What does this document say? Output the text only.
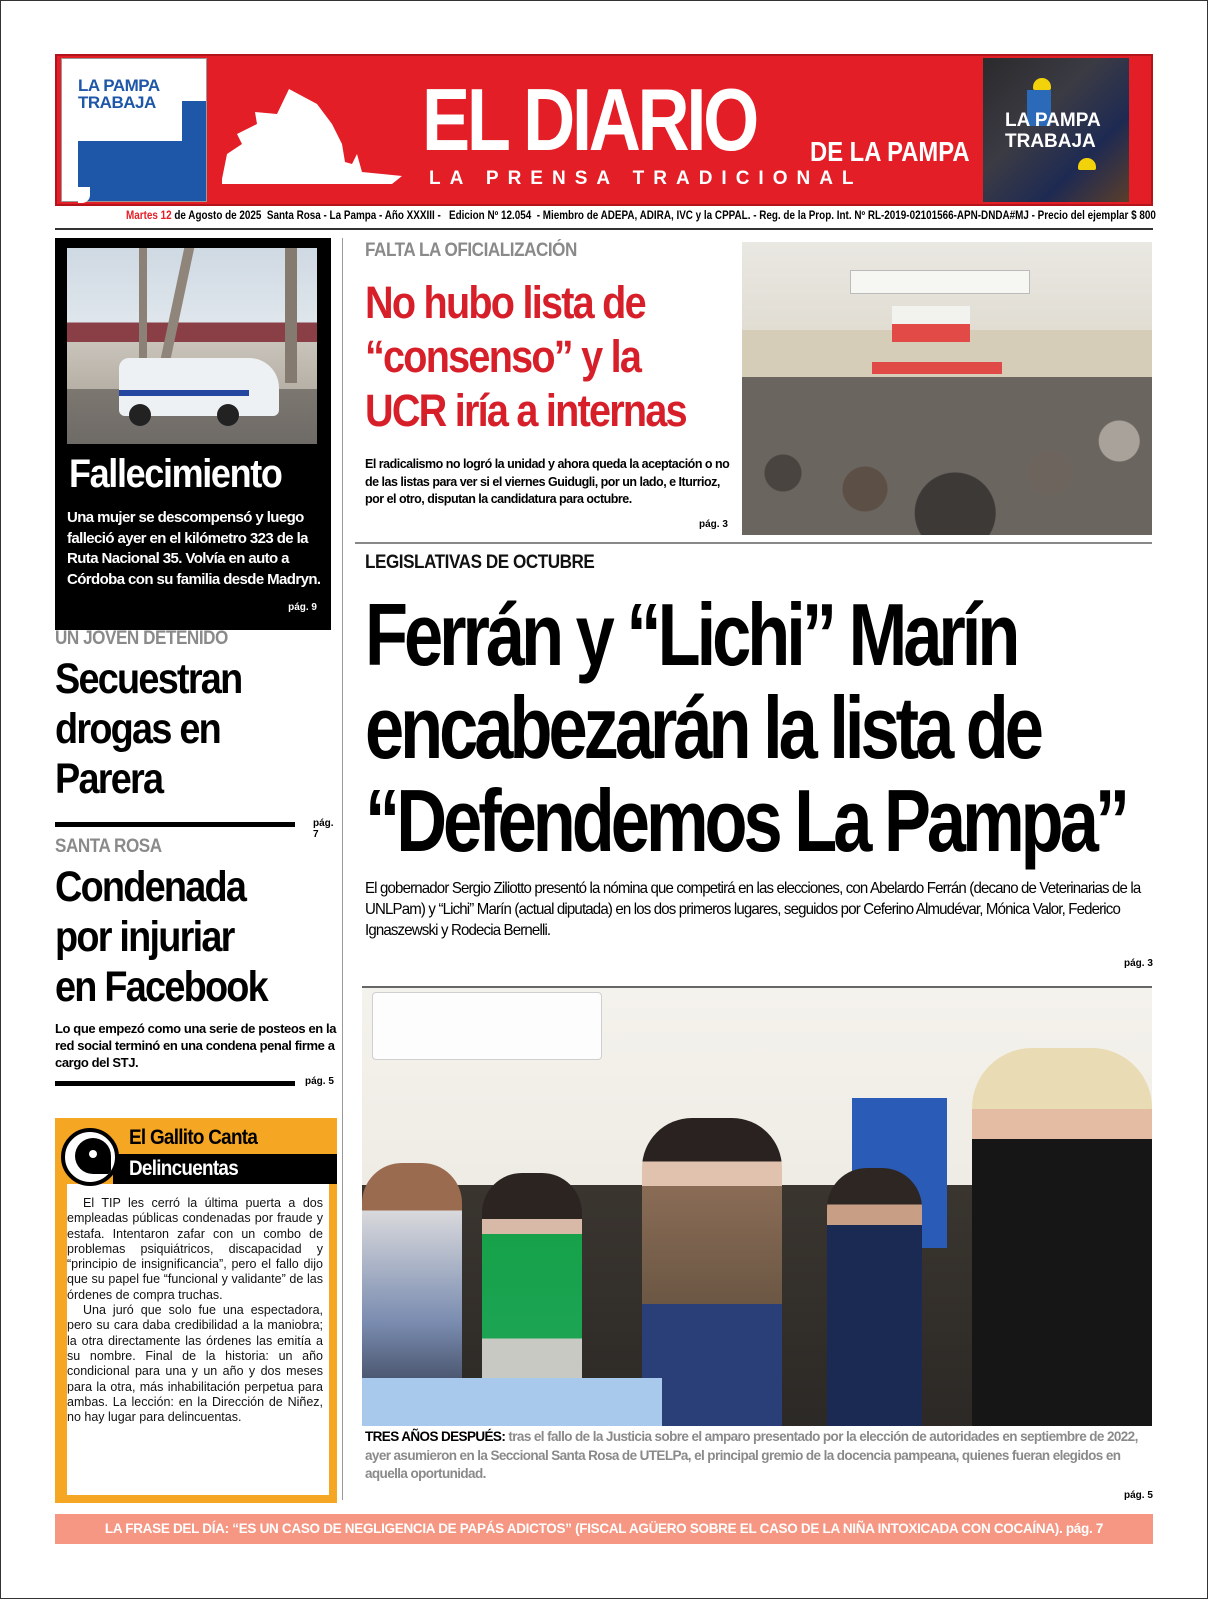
LA PAMPA TRABAJA	EL DIARIO DE LA PAMPA
LA PRENSA TRADICIONAL
LA PAMPA TRABAJA
Martes 12 de Agosto de 2025  Santa Rosa - La Pampa - Año XXXIII -   Edicion Nº 12.054  - Miembro de ADEPA, ADIRA, IVC y la CPPAL. - Reg. de la Prop. Int. Nº RL-2019-02101566-APN-DNDA#MJ - Precio del ejemplar $ 800
Fallecimiento

Una mujer se descompensó y luego falleció ayer en el kilómetro 323 de la Ruta Nacional 35. Volvía en auto a Córdoba con su familia desde Madryn.

pág. 9
UN JOVEN DETENIDO
Secuestran
drogas en
Parera
pág. 7
SANTA ROSA
Condenada
por injuriar
en Facebook

Lo que empezó como una serie de posteos en la red social terminó en una condena penal firme a cargo del STJ.

pág. 5
El Gallito Canta
Delincuentas

El TIP les cerró la última puerta a dos empleadas públicas condenadas por fraude y estafa. Intentaron zafar con un combo de problemas psiquiátricos, discapacidad y “principio de insignificancia”, pero el fallo dijo que su papel fue “funcional y validante” de las órdenes de compra truchas.

Una juró que solo fue una espectadora, pero su cara daba credibilidad a la maniobra; la otra directamente las órdenes las emitía a su nombre. Final de la historia: un año condicional para una y un año y dos meses para la otra, más inhabilitación perpetua para ambas. La lección: en la Dirección de Niñez, no hay lugar para delincuentas.

FALTA LA OFICIALIZACIÓN
No hubo lista de
“consenso” y la
UCR iría a internas

El radicalismo no logró la unidad y ahora queda la aceptación o no de las listas para ver si el viernes Guidugli, por un lado, e Iturrioz, por el otro, disputan la candidatura para octubre.

pág. 3
LEGISLATIVAS DE OCTUBRE
Ferrán y “Lichi” Marín
encabezarán la lista de
“Defendemos La Pampa”

El gobernador Sergio Ziliotto presentó la nómina que competirá en las elecciones, con Abelardo Ferrán (decano de Veterinarias de la UNLPam) y “Lichi” Marín (actual diputada) en los dos primeros lugares, seguidos por Ceferino Almudévar, Mónica Valor, Federico Ignaszewski y Rodecia Bernelli.

pág. 3
TRES AÑOS DESPUÉS: tras el fallo de la Justicia sobre el amparo presentado por la elección de autoridades en septiembre de 2022, ayer asumieron en la Seccional Santa Rosa de UTELPa, el principal gremio de la docencia pampeana, quienes fueran elegidos en aquella oportunidad.
pág. 5
LA FRASE DEL DÍA: “ES UN CASO DE NEGLIGENCIA DE PAPÁS ADICTOS” (FISCAL AGÜERO SOBRE EL CASO DE LA NIÑA INTOXICADA CON COCAÍNA). pág. 7
